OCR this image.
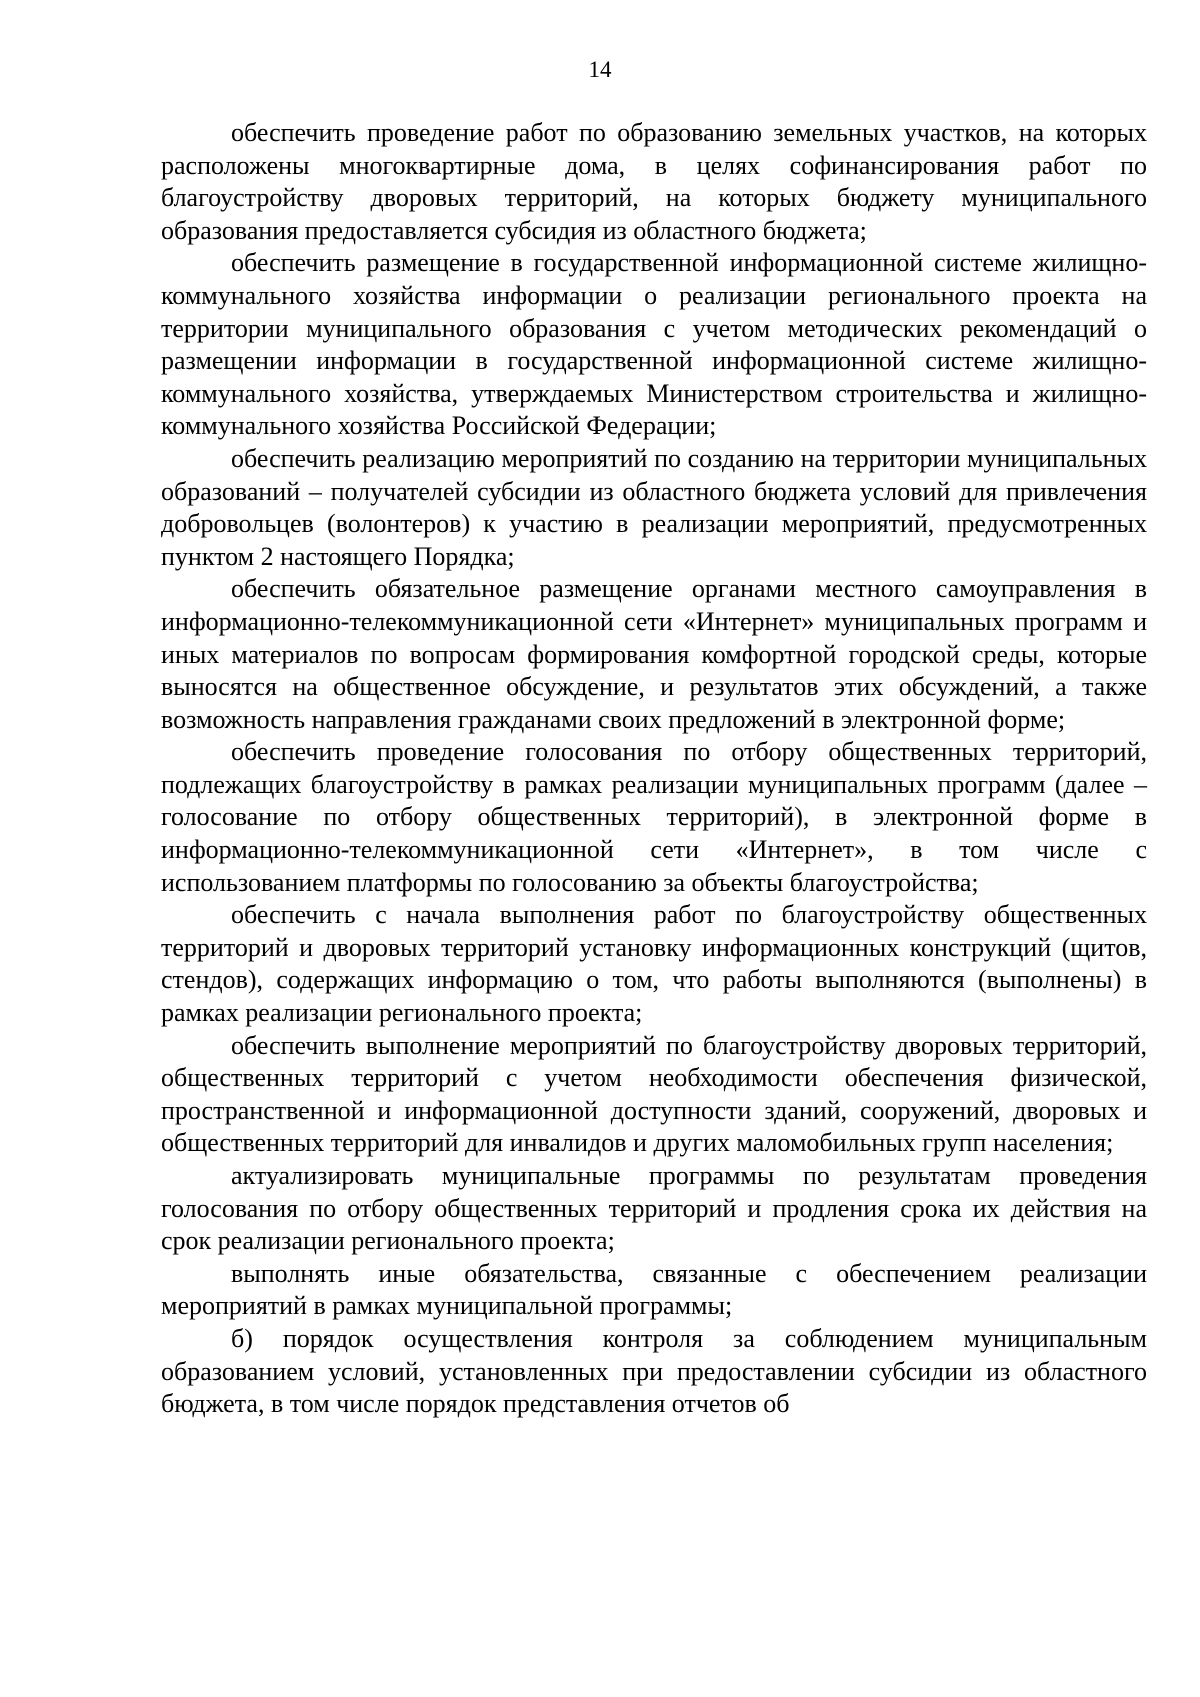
14

обеспечить проведение работ по образованию земельных участков, на которых расположены многоквартирные дома, в целях софинансирования работ по благоустройству дворовых территорий, на которых бюджету муниципального образования предоставляется субсидия из областного бюджета;

обеспечить размещение в государственной информационной системе жилищно-коммунального хозяйства информации о реализации регионального проекта на территории муниципального образования с учетом методических рекомендаций о размещении информации в государственной информационной системе жилищно-коммунального хозяйства, утверждаемых Министерством строительства и жилищно-коммунального хозяйства Российской Федерации;

обеспечить реализацию мероприятий по созданию на территории муниципальных образований – получателей субсидии из областного бюджета условий для привлечения добровольцев (волонтеров) к участию в реализации мероприятий, предусмотренных пунктом 2 настоящего Порядка;

обеспечить обязательное размещение органами местного самоуправления в информационно-телекоммуникационной сети «Интернет» муниципальных программ и иных материалов по вопросам формирования комфортной городской среды, которые выносятся на общественное обсуждение, и результатов этих обсуждений, а также возможность направления гражданами своих предложений в электронной форме;

обеспечить проведение голосования по отбору общественных территорий, подлежащих благоустройству в рамках реализации муниципальных программ (далее – голосование по отбору общественных территорий), в электронной форме в информационно-телекоммуникационной сети «Интернет», в том числе с использованием платформы по голосованию за объекты благоустройства;

обеспечить с начала выполнения работ по благоустройству общественных территорий и дворовых территорий установку информационных конструкций (щитов, стендов), содержащих информацию о том, что работы выполняются (выполнены) в рамках реализации регионального проекта;

обеспечить выполнение мероприятий по благоустройству дворовых территорий, общественных территорий с учетом необходимости обеспечения физической, пространственной и информационной доступности зданий, сооружений, дворовых и общественных территорий для инвалидов и других маломобильных групп населения;

актуализировать муниципальные программы по результатам проведения голосования по отбору общественных территорий и продления срока их действия на срок реализации регионального проекта;

выполнять иные обязательства, связанные с обеспечением реализации мероприятий в рамках муниципальной программы;

б) порядок осуществления контроля за соблюдением муниципальным образованием условий, установленных при предоставлении субсидии из областного бюджета, в том числе порядок представления отчетов об
